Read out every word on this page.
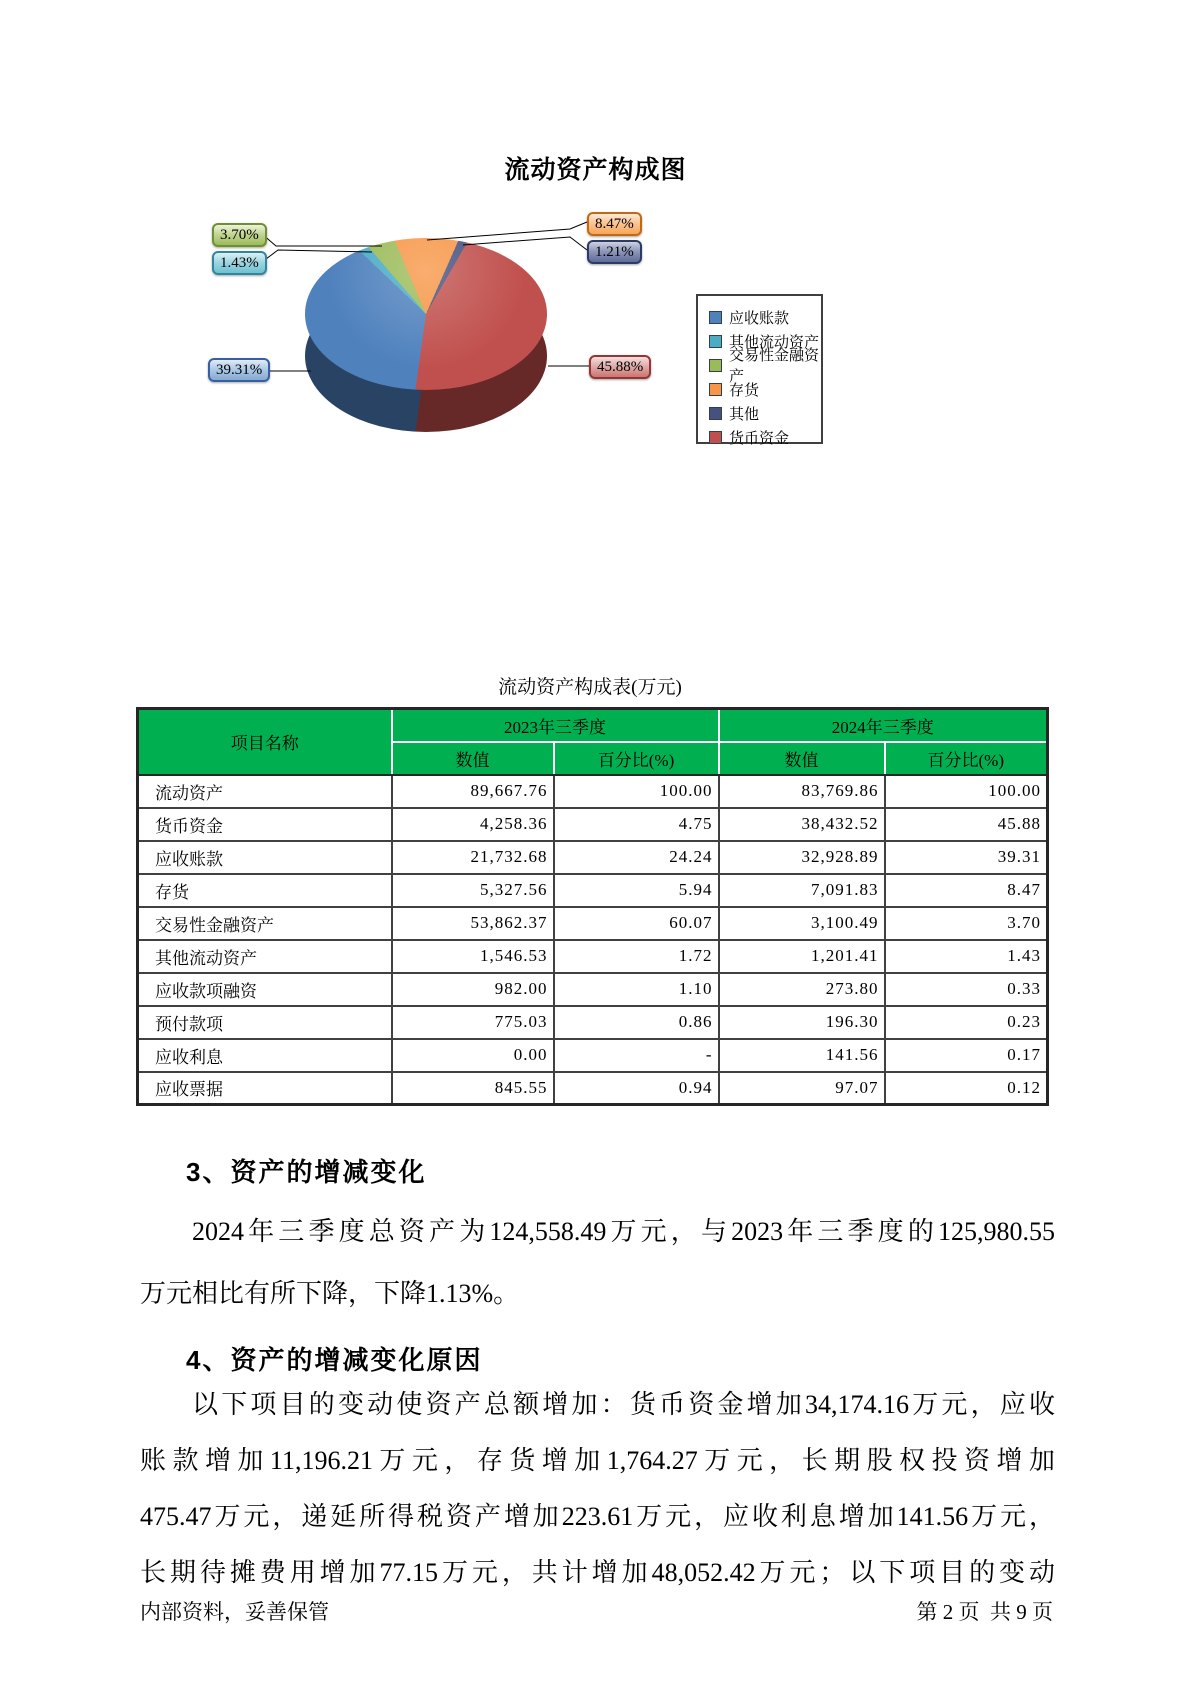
流动资产构成图
3.70%
1.43%
39.31%
8.47%
1.21%
45.88%
应收账款
其他流动资产
交易性金融资产
存货
其他
货币资金
流动资产构成表(万元)
项目名称	2023年三季度		2024年三季度	
	数值	百分比(%)	数值	百分比(%)
流动资产	89,667.76	100.00	83,769.86	100.00
货币资金	4,258.36	4.75	38,432.52	45.88
应收账款	21,732.68	24.24	32,928.89	39.31
存货	5,327.56	5.94	7,091.83	8.47
交易性金融资产	53,862.37	60.07	3,100.49	3.70
其他流动资产	1,546.53	1.72	1,201.41	1.43
应收款项融资	982.00	1.10	273.80	0.33
预付款项	775.03	0.86	196.30	0.23
应收利息	0.00	-	141.56	0.17
应收票据	845.55	0.94	97.07	0.12
3、资产的增减变化
2024年三季度总资产为124,558.49万元，与2023年三季度的125,980.55
万元相比有所下降，下降1.13%。
4、资产的增减变化原因
以下项目的变动使资产总额增加：货币资金增加34,174.16万元，应收
账款增加11,196.21万元，存货增加1,764.27万元，长期股权投资增加
475.47万元，递延所得税资产增加223.61万元，应收利息增加141.56万元，
长期待摊费用增加77.15万元，共计增加48,052.42万元；以下项目的变动
内部资料，妥善保管	第 2 页  共 9 页
